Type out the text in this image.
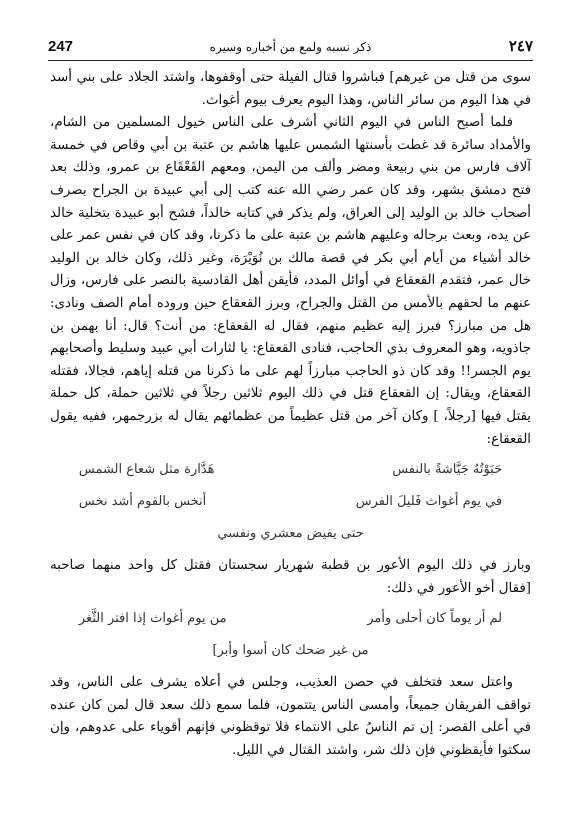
247	ذكر نسبه ولمع من أخباره وسيره	٢٤٧

سوى من قتل من غيرهم] فباشروا قتال الفيلة حتى أوقفوها، واشتد الجلاد على بني أسد في هذا اليوم من سائر الناس، وهذا اليوم يعرف بيوم أغواث.

فلما أصبح الناس في اليوم الثاني أشرف على الناس خيول المسلمين من الشام، والأمداد سائرة قد غطت بأسنتها الشمس عليها هاشم بن عتبة بن أبي وقاص في خمسة آلاف فارس من بني ربيعة ومضر وألف من اليمن، ومعهم القَعْقَاع بن عمرو، وذلك بعد فتح دمشق بشهر، وقد كان عمر رضي الله عنه كتب إلى أبي عبيدة بن الجراح بصرف أصحاب خالد بن الوليد إلى العراق، ولم يذكر في كتابه خالداً، فشح أبو عبيدة بتخلية خالد عن يده، وبعث برجاله وعليهم هاشم بن عتبة على ما ذكرنا، وقد كان في نفس عمر على خالد أشياء من أيام أبي بكر في قصة مالك بن نُوَيْرَة، وغير ذلك، وكان خالد بن الوليد خال عمر، فتقدم القعقاع في أوائل المدد، فأيقن أهل القادسية بالنصر على فارس، وزال عنهم ما لحقهم بالأمس من القتل والجراح، وبرز القعقاع حين وروده أمام الصف ونادى: هل من مبارز؟ فبرز إليه عظيم منهم، فقال له القعقاع: من أنت؟ قال: أنا بهمن بن جاذويه، وهو المعروف بذي الحاجب، فنادى القعقاع: يا لثارات أبي عبيد وسليط وأصحابهم يوم الجسر!! وقد كان ذو الحاجب مبارزاً لهم على ما ذكرنا من قتله إياهم، فجالا، فقتله القعقاع، ويقال: إن القعقاع قتل في ذلك اليوم ثلاثين رجلاً في ثلاثين حملة، كل حملة يقتل فيها [رجلاً، ] وكان آخر من قتل عظيماً من عظمائهم يقال له بزرجمهر، ففيه يقول القعقاع:

حَبَوْتُهُ جَيَّاشةً بالنفس
هَدَّارة مثل شعاع الشمس
في يوم أغواث فَليلَ الفرس
أنخس بالقوم أشد نخس
حتى يفيض معشري ونفسي

وبارز في ذلك اليوم الأعور بن قطبة شهريار سجستان فقتل كل واحد منهما صاحبه [فقال أخو الأعور في ذلك:

لم أر يوماً كان أحلى وأمر
من يوم أغواث إذا افتر الثَّغر
من غير ضحك كان أسوا وأبر]

واعتل سعد فتخلف في حصن العذيب، وجلس في أعلاه يشرف على الناس، وقد تواقف الفريقان جميعاً، وأمسى الناس يتتمون، فلما سمع ذلك سعد قال لمن كان عنده في أعلى القصر: إن تم الناسُ على الانتماء فلا توقظوني فإنهم أقوياء على عدوهم، وإن سكتوا فأيقظوني فإن ذلك شر، واشتد القتال في الليل.
